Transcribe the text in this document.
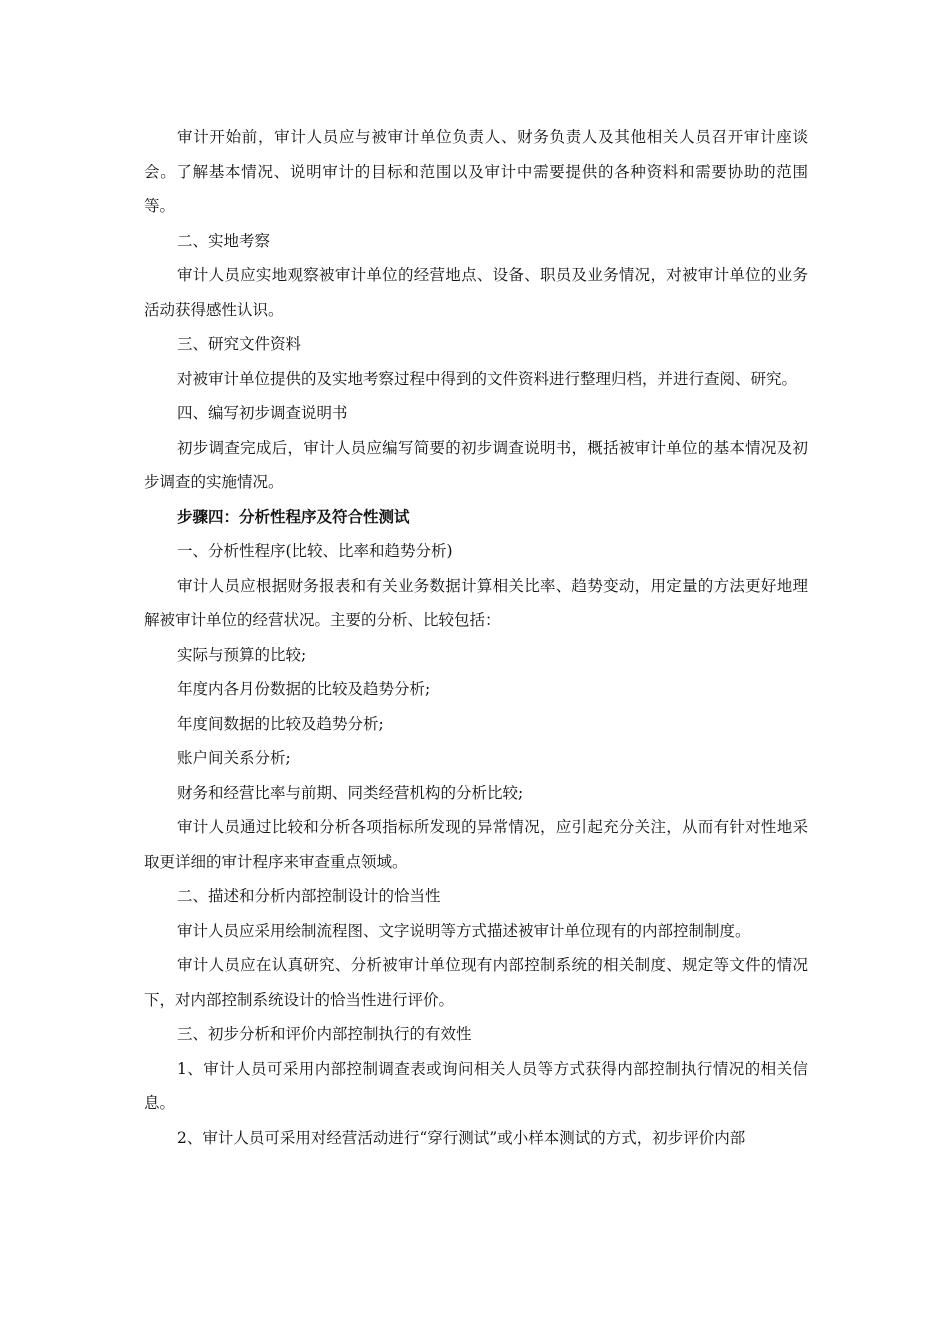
审计开始前，审计人员应与被审计单位负责人、财务负责人及其他相关人员召开审计座谈会。了解基本情况、说明审计的目标和范围以及审计中需要提供的各种资料和需要协助的范围等。

二、实地考察

审计人员应实地观察被审计单位的经营地点、设备、职员及业务情况，对被审计单位的业务活动获得感性认识。

三、研究文件资料

对被审计单位提供的及实地考察过程中得到的文件资料进行整理归档，并进行查阅、研究。

四、编写初步调查说明书

初步调查完成后，审计人员应编写简要的初步调查说明书，概括被审计单位的基本情况及初步调查的实施情况。

步骤四：分析性程序及符合性测试

一、分析性程序(比较、比率和趋势分析)

审计人员应根据财务报表和有关业务数据计算相关比率、趋势变动，用定量的方法更好地理解被审计单位的经营状况。主要的分析、比较包括：

实际与预算的比较;

年度内各月份数据的比较及趋势分析;

年度间数据的比较及趋势分析;

账户间关系分析;

财务和经营比率与前期、同类经营机构的分析比较;

审计人员通过比较和分析各项指标所发现的异常情况，应引起充分关注，从而有针对性地采取更详细的审计程序来审查重点领域。

二、描述和分析内部控制设计的恰当性

审计人员应采用绘制流程图、文字说明等方式描述被审计单位现有的内部控制制度。

审计人员应在认真研究、分析被审计单位现有内部控制系统的相关制度、规定等文件的情况下，对内部控制系统设计的恰当性进行评价。

三、初步分析和评价内部控制执行的有效性

1、审计人员可采用内部控制调查表或询问相关人员等方式获得内部控制执行情况的相关信息。

2、审计人员可采用对经营活动进行“穿行测试”或小样本测试的方式，初步评价内部
